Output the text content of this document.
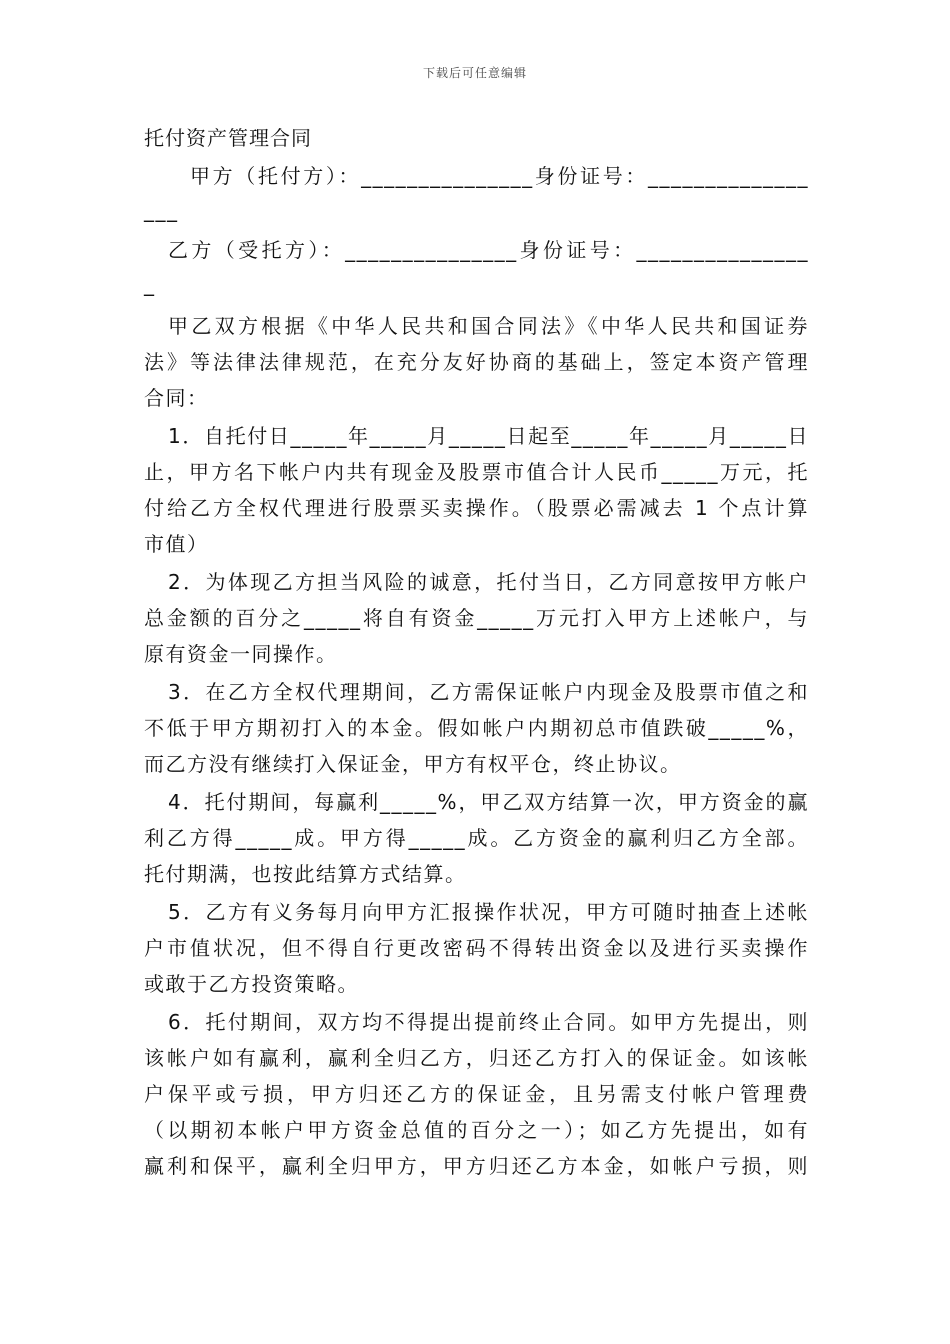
下载后可任意编辑
托付资产管理合同
甲方（托付方）：_______________身份证号：______________
___
乙方（受托方）：_______________身份证号：_______________
_
甲乙双方根据《中华人民共和国合同法》《中华人民共和国证券
法》等法律法律规范，在充分友好协商的基础上，签定本资产管理
合同：
1．自托付日_____年_____月_____日起至_____年_____月_____日
止，甲方名下帐户内共有现金及股票市值合计人民币_____万元，托
付给乙方全权代理进行股票买卖操作。（股票必需减去 1 个点计算
市值）
2．为体现乙方担当风险的诚意，托付当日，乙方同意按甲方帐户
总金额的百分之_____将自有资金_____万元打入甲方上述帐户，与
原有资金一同操作。
3．在乙方全权代理期间，乙方需保证帐户内现金及股票市值之和
不低于甲方期初打入的本金。假如帐户内期初总市值跌破_____%，
而乙方没有继续打入保证金，甲方有权平仓，终止协议。
4．托付期间，每赢利_____%，甲乙双方结算一次，甲方资金的赢
利乙方得_____成。甲方得_____成。乙方资金的赢利归乙方全部。
托付期满，也按此结算方式结算。
5．乙方有义务每月向甲方汇报操作状况，甲方可随时抽查上述帐
户市值状况，但不得自行更改密码不得转出资金以及进行买卖操作
或敢于乙方投资策略。
6．托付期间，双方均不得提出提前终止合同。如甲方先提出，则
该帐户如有赢利，赢利全归乙方，归还乙方打入的保证金。如该帐
户保平或亏损，甲方归还乙方的保证金，且另需支付帐户管理费
（以期初本帐户甲方资金总值的百分之一）；如乙方先提出，如有
赢利和保平，赢利全归甲方，甲方归还乙方本金，如帐户亏损，则
